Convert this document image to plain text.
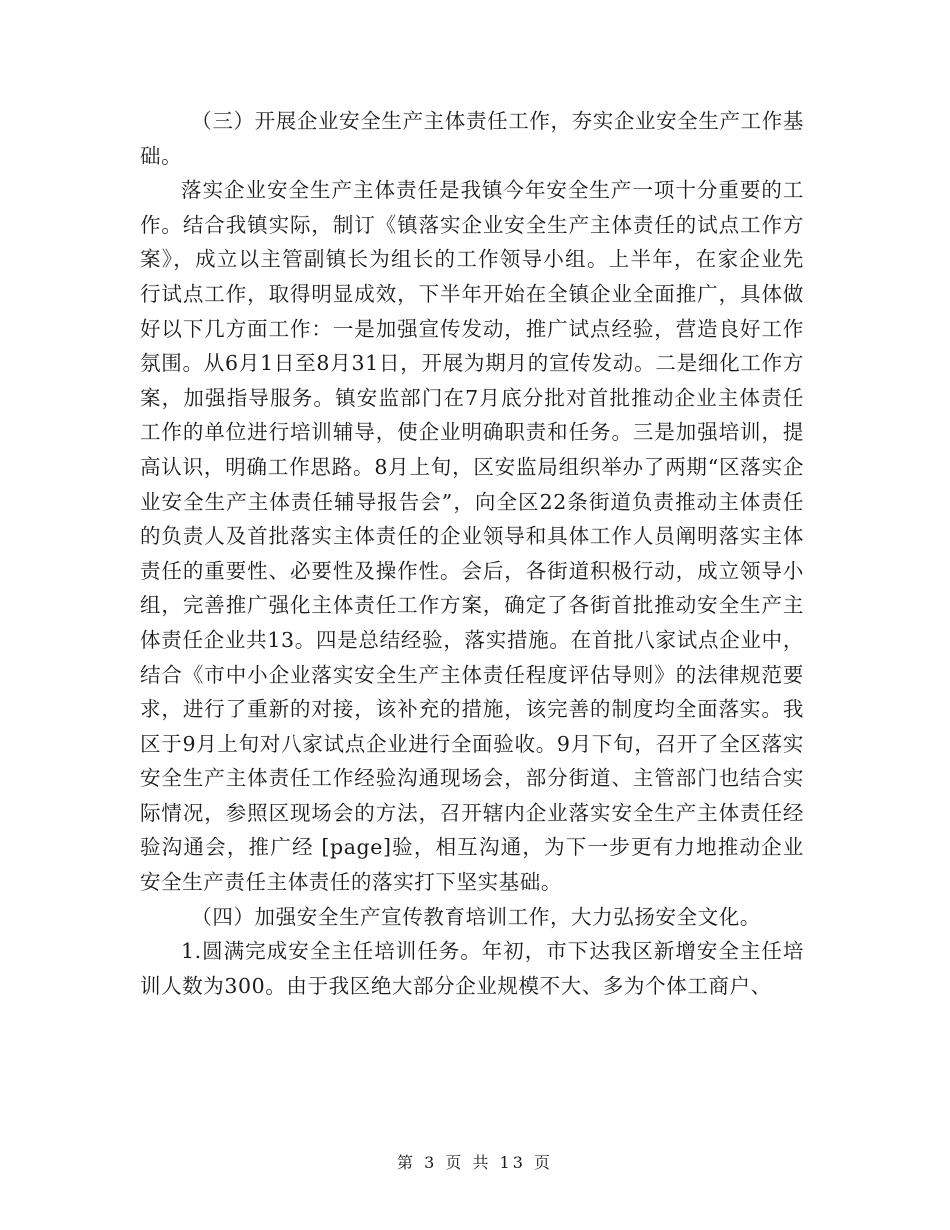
（三）开展企业安全生产主体责任工作，夯实企业安全生产工作基础。

落实企业安全生产主体责任是我镇今年安全生产一项十分重要的工作。结合我镇实际，制订《镇落实企业安全生产主体责任的试点工作方案》，成立以主管副镇长为组长的工作领导小组。上半年，在家企业先行试点工作，取得明显成效，下半年开始在全镇企业全面推广，具体做好以下几方面工作：一是加强宣传发动，推广试点经验，营造良好工作氛围。从6月1日至8月31日，开展为期月的宣传发动。二是细化工作方案，加强指导服务。镇安监部门在7月底分批对首批推动企业主体责任工作的单位进行培训辅导，使企业明确职责和任务。三是加强培训，提高认识，明确工作思路。8月上旬，区安监局组织举办了两期“区落实企业安全生产主体责任辅导报告会”，向全区22条街道负责推动主体责任的负责人及首批落实主体责任的企业领导和具体工作人员阐明落实主体责任的重要性、必要性及操作性。会后，各街道积极行动，成立领导小组，完善推广强化主体责任工作方案，确定了各街首批推动安全生产主体责任企业共13。四是总结经验，落实措施。在首批八家试点企业中，结合《市中小企业落实安全生产主体责任程度评估导则》的法律规范要求，进行了重新的对接，该补充的措施，该完善的制度均全面落实。我区于9月上旬对八家试点企业进行全面验收。9月下旬，召开了全区落实安全生产主体责任工作经验沟通现场会，部分街道、主管部门也结合实际情况，参照区现场会的方法，召开辖内企业落实安全生产主体责任经验沟通会，推广经 [page]验，相互沟通，为下一步更有力地推动企业安全生产责任主体责任的落实打下坚实基础。

（四）加强安全生产宣传教育培训工作，大力弘扬安全文化。

1.圆满完成安全主任培训任务。年初，市下达我区新增安全主任培训人数为300。由于我区绝大部分企业规模不大、多为个体工商户、

第 3 页 共 13 页
